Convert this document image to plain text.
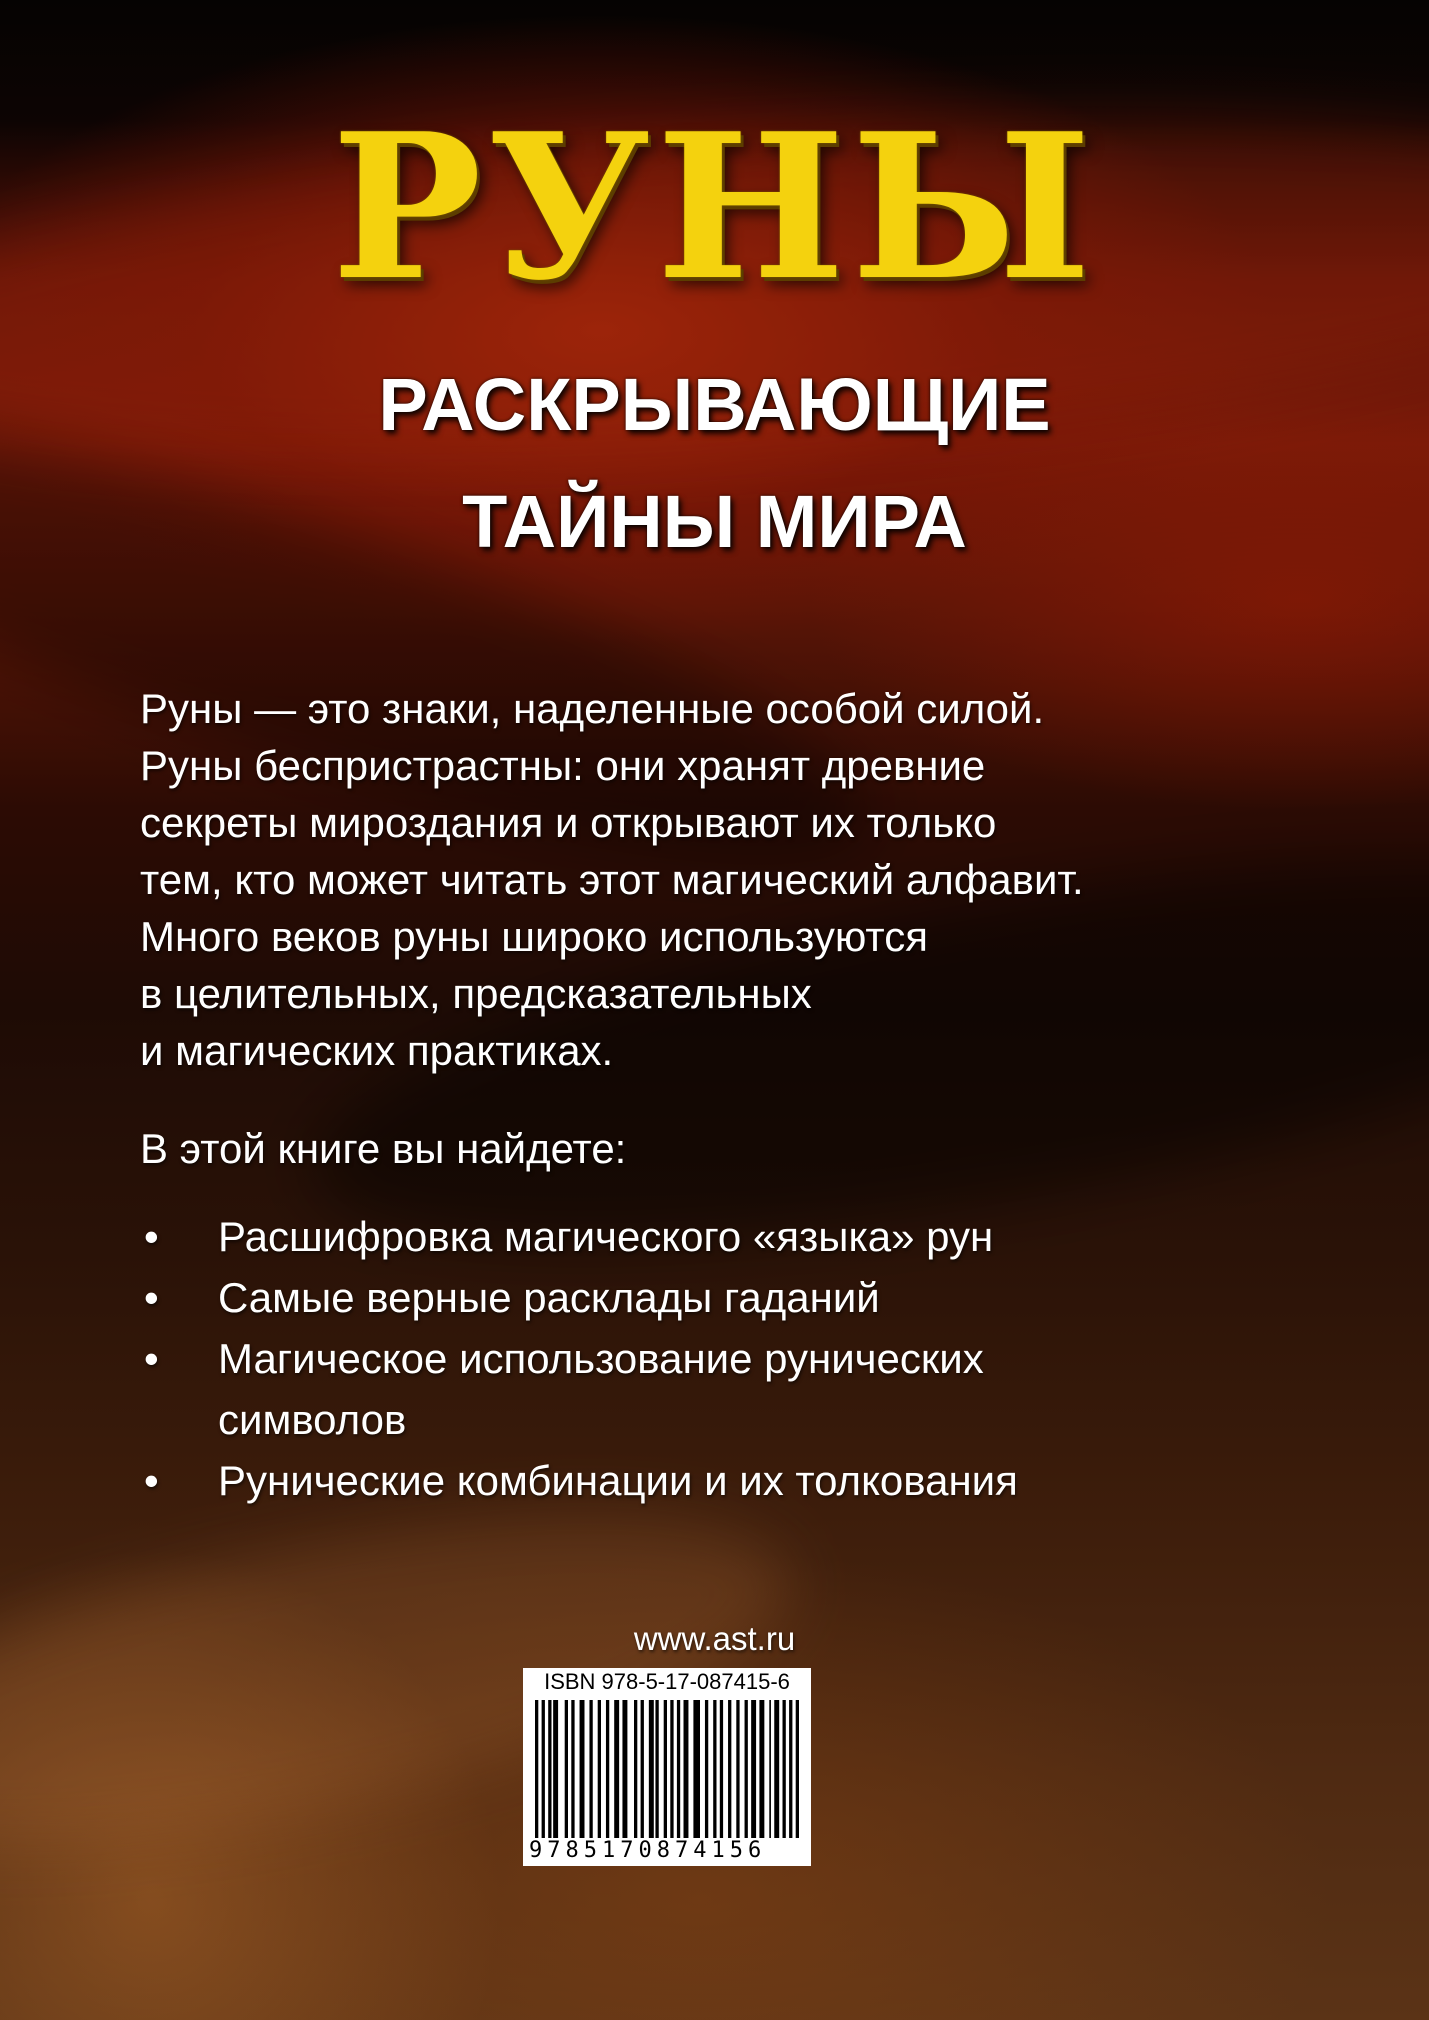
РУНЫ
РАСКРЫВАЮЩИЕ
ТАЙНЫ МИРА
Руны — это знаки, наделенные особой силой.
Руны беспристрастны: они хранят древние
секреты мироздания и открывают их только
тем, кто может читать этот магический алфавит.
Много веков руны широко используются
в целительных, предсказательных
и магических практиках.
В этой книге вы найдете:
• Расшифровка магического «языка» рун
• Самые верные расклады гаданий
• Магическое использование рунических символов
• Рунические комбинации и их толкования
www.ast.ru
ISBN 978-5-17-087415-6
9785170874156
